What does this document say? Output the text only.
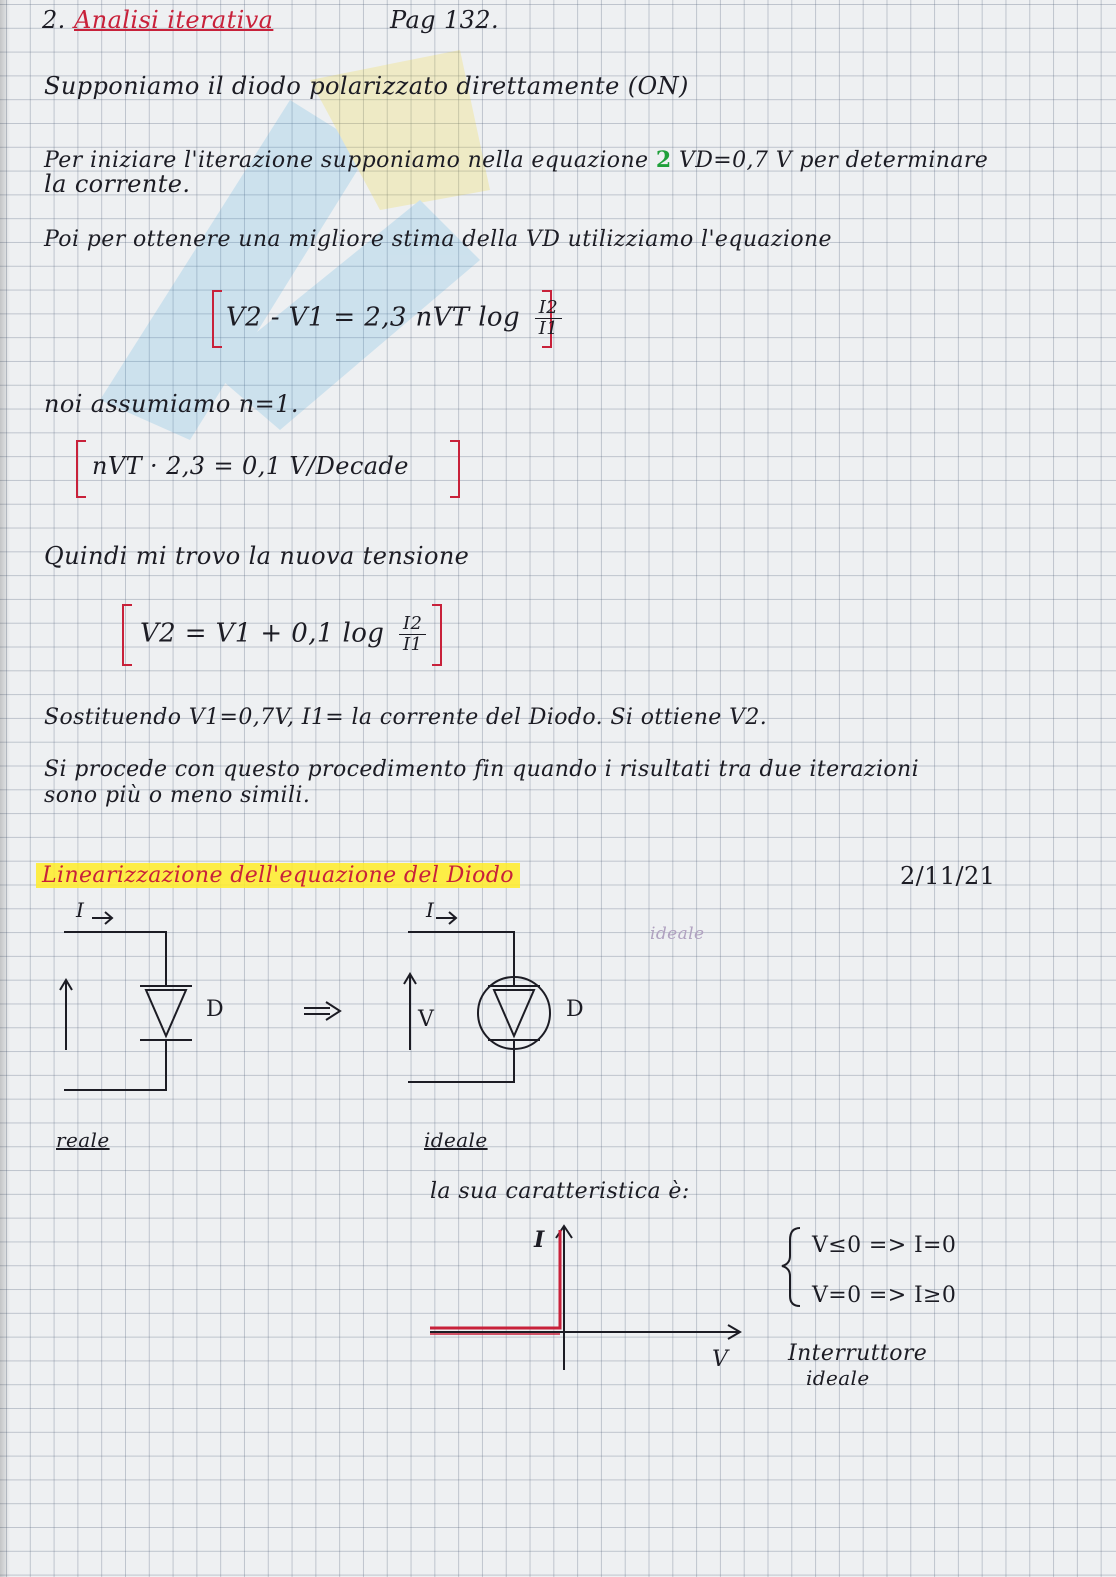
2. Analisi iterativa	Pag 132.
Supponiamo il diodo polarizzato direttamente (ON)
Per iniziare l'iterazione supponiamo nella equazione 2 VD=0,7 V per determinare
la corrente.
Poi per ottenere una migliore stima della VD utilizziamo l'equazione
V2 - V1 = 2,3 nVT $\log \frac{I2}{I1}$
noi assumiamo n=1.
nVT · 2,3 = 0,1 V/Decade
Quindi mi trovo la nuova tensione
V2 = V1 + 0,1 $\log \frac{I2}{I1}$
Sostituendo V1=0,7V, I1= la corrente del Diodo. Si ottiene V2.
Si procede con questo procedimento fin quando i risultati tra due iterazioni
sono più o meno simili.
Linearizzazione dell'equazione del Diodo	2/11/21
I
D
I
V	D
ideale
reale	ideale
la sua caratteristica è:
I
V
V≤0 => I=0
V=0 => I≥0
Interruttore
ideale
